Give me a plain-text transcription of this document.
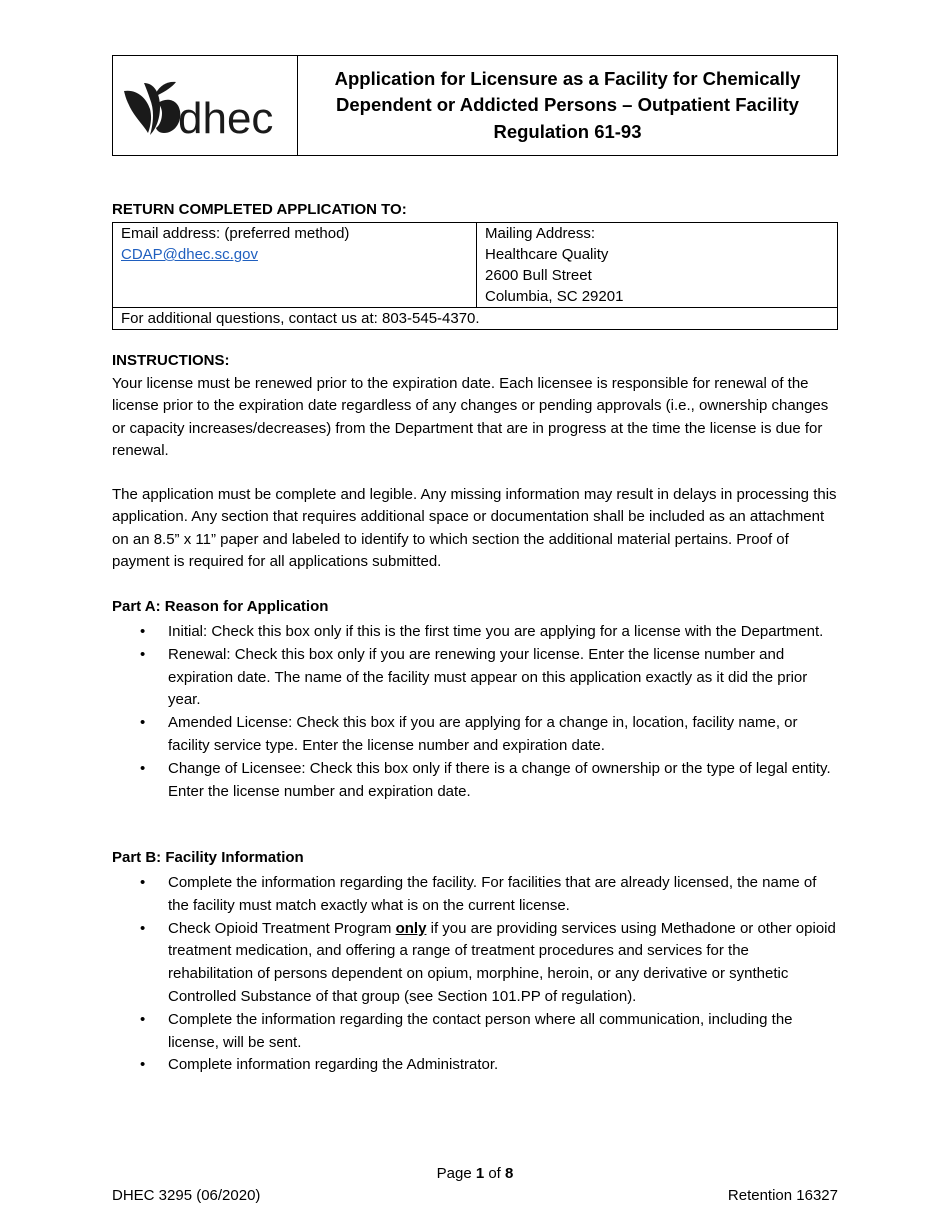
dhec
Application for Licensure as a Facility for Chemically
Dependent or Addicted Persons – Outpatient Facility
Regulation 61-93

RETURN COMPLETED APPLICATION TO:

Email address: (preferred method)
CDAP@dhec.sc.gov

Mailing Address:
Healthcare Quality
2600 Bull Street
Columbia, SC 29201

For additional questions, contact us at: 803-545-4370.

INSTRUCTIONS:

Your license must be renewed prior to the expiration date. Each licensee is responsible for renewal of the license prior to the expiration date regardless of any changes or pending approvals (i.e., ownership changes or capacity increases/decreases) from the Department that are in progress at the time the license is due for renewal.

The application must be complete and legible. Any missing information may result in delays in processing this application. Any section that requires additional space or documentation shall be included as an attachment on an 8.5” x 11” paper and labeled to identify to which section the additional material pertains. Proof of payment is required for all applications submitted.

Part A: Reason for Application

• Initial: Check this box only if this is the first time you are applying for a license with the Department.
• Renewal: Check this box only if you are renewing your license. Enter the license number and expiration date. The name of the facility must appear on this application exactly as it did the prior year.
• Amended License: Check this box if you are applying for a change in, location, facility name, or facility service type. Enter the license number and expiration date.
• Change of Licensee: Check this box only if there is a change of ownership or the type of legal entity. Enter the license number and expiration date.

Part B: Facility Information

• Complete the information regarding the facility. For facilities that are already licensed, the name of the facility must match exactly what is on the current license.
• Check Opioid Treatment Program only if you are providing services using Methadone or other opioid treatment medication, and offering a range of treatment procedures and services for the rehabilitation of persons dependent on opium, morphine, heroin, or any derivative or synthetic Controlled Substance of that group (see Section 101.PP of regulation).
• Complete the information regarding the contact person where all communication, including the license, will be sent.
• Complete information regarding the Administrator.
Page 1 of 8
DHEC 3295 (06/2020)	Retention 16327
